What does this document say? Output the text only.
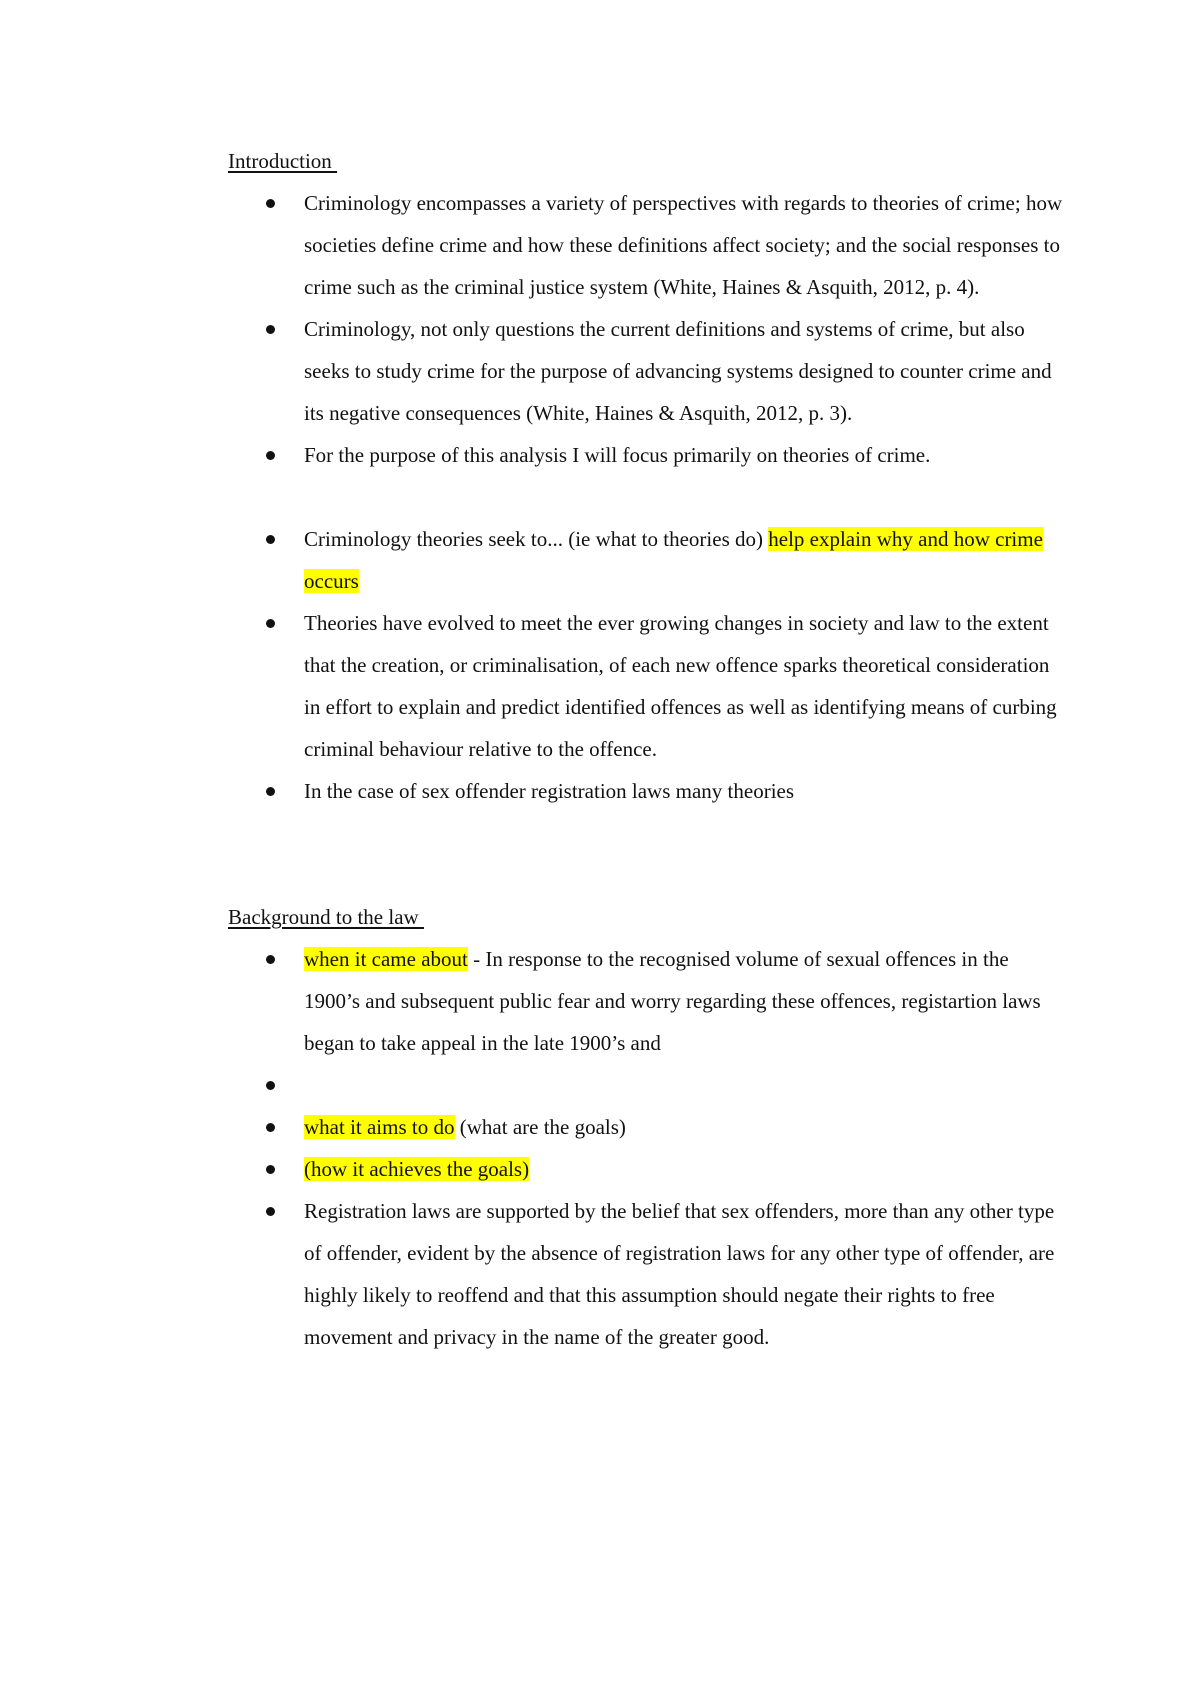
Introduction
Criminology encompasses a variety of perspectives with regards to theories of crime; how societies define crime and how these definitions affect society; and the social responses to crime such as the criminal justice system (White, Haines & Asquith, 2012, p. 4).
Criminology, not only questions the current definitions and systems of crime, but also seeks to study crime for the purpose of advancing systems designed to counter crime and its negative consequences (White, Haines & Asquith, 2012, p. 3).
For the purpose of this analysis I will focus primarily on theories of crime.
Criminology theories seek to... (ie what to theories do) help explain why and how crime occurs
Theories have evolved to meet the ever growing changes in society and law to the extent that the creation, or criminalisation, of each new offence sparks theoretical consideration in effort to explain and predict identified offences as well as identifying means of curbing criminal behaviour relative to the offence.
In the case of sex offender registration laws many theories
Background to the law
when it came about - In response to the recognised volume of sexual offences in the 1900’s and subsequent public fear and worry regarding these offences, registartion laws began to take appeal in the late 1900’s and
what it aims to do (what are the goals)
(how it achieves the goals)
Registration laws are supported by the belief that sex offenders, more than any other type of offender, evident by the absence of registration laws for any other type of offender, are highly likely to reoffend and that this assumption should negate their rights to free movement and privacy in the name of the greater good.
